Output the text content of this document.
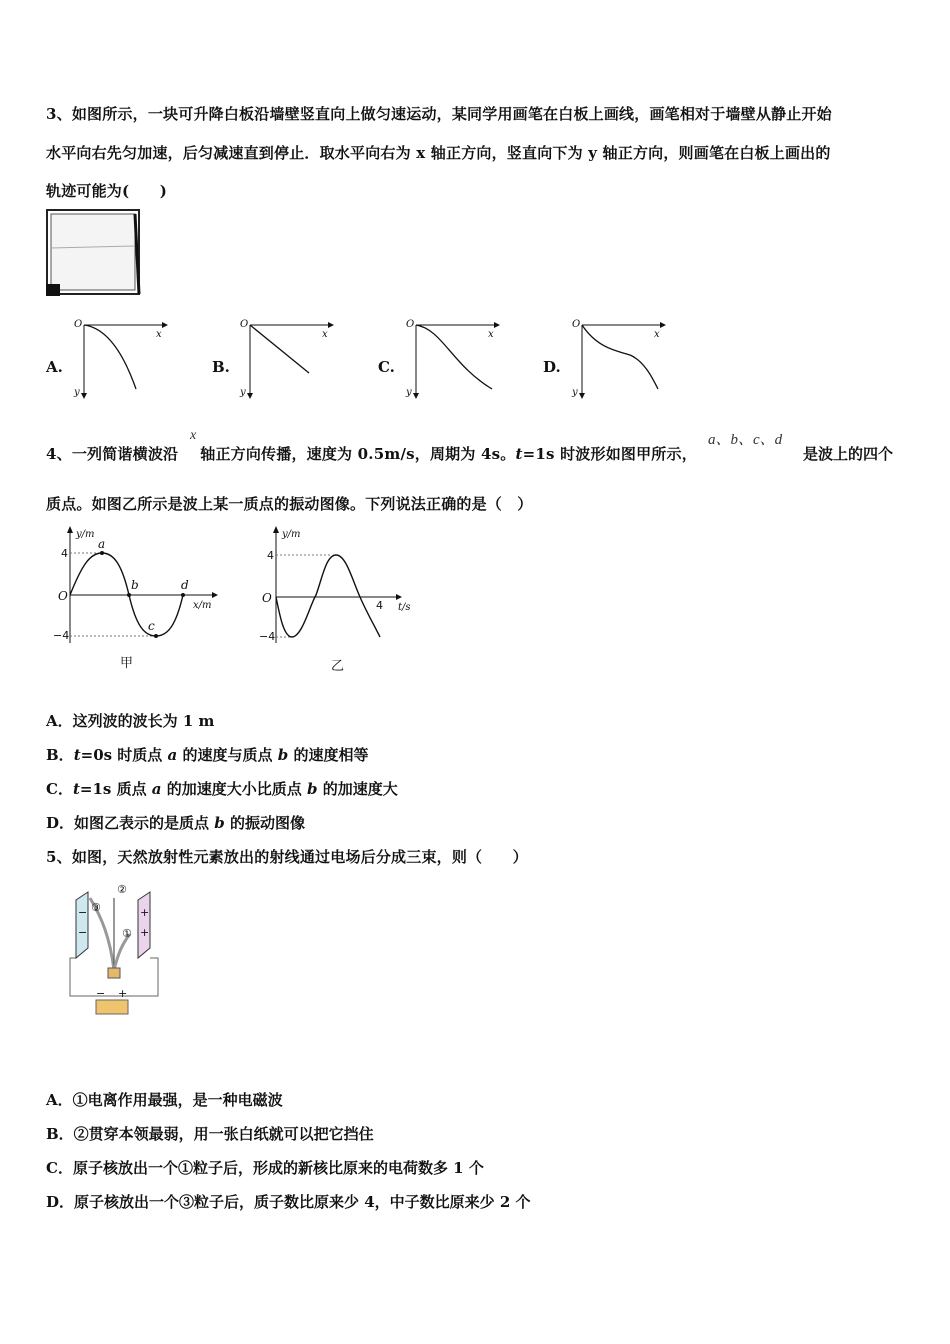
3、如图所示，一块可升降白板沿墙壁竖直向上做匀速运动，某同学用画笔在白板上画线，画笔相对于墙壁从静止开始
水平向右先匀加速，后匀减速直到停止．取水平向右为 x 轴正方向，竖直向下为 y 轴正方向，则画笔在白板上画出的
轨迹可能为(　　)
A.
O
x
y
B.
O
x
y
C.
O
x
y
D.
O
x
y
4、一列简谐横波沿 轴正方向传播，速度为 0.5m/s，周期为 4s。t=1s 时波形如图甲所示，
x	a、b、c、d
是波上的四个
质点。如图乙所示是波上某一质点的振动图像。下列说法正确的是（　）
y/m
4
−4
O
x/m
a
b
c
d
甲
y/m
4
−4
O
4 t/s
乙
A．这列波的波长为 1 m
B．t=0s 时质点 a 的速度与质点 b 的速度相等
C．t=1s 质点 a 的加速度大小比质点 b 的加速度大
D．如图乙表示的是质点 b 的振动图像
5、如图，天然放射性元素放出的射线通过电场后分成三束，则（　　）
−
−
+
+
③
②
①
− +
A．①电离作用最强，是一种电磁波
B．②贯穿本领最弱，用一张白纸就可以把它挡住
C．原子核放出一个①粒子后，形成的新核比原来的电荷数多 1 个
D．原子核放出一个③粒子后，质子数比原来少 4，中子数比原来少 2 个
